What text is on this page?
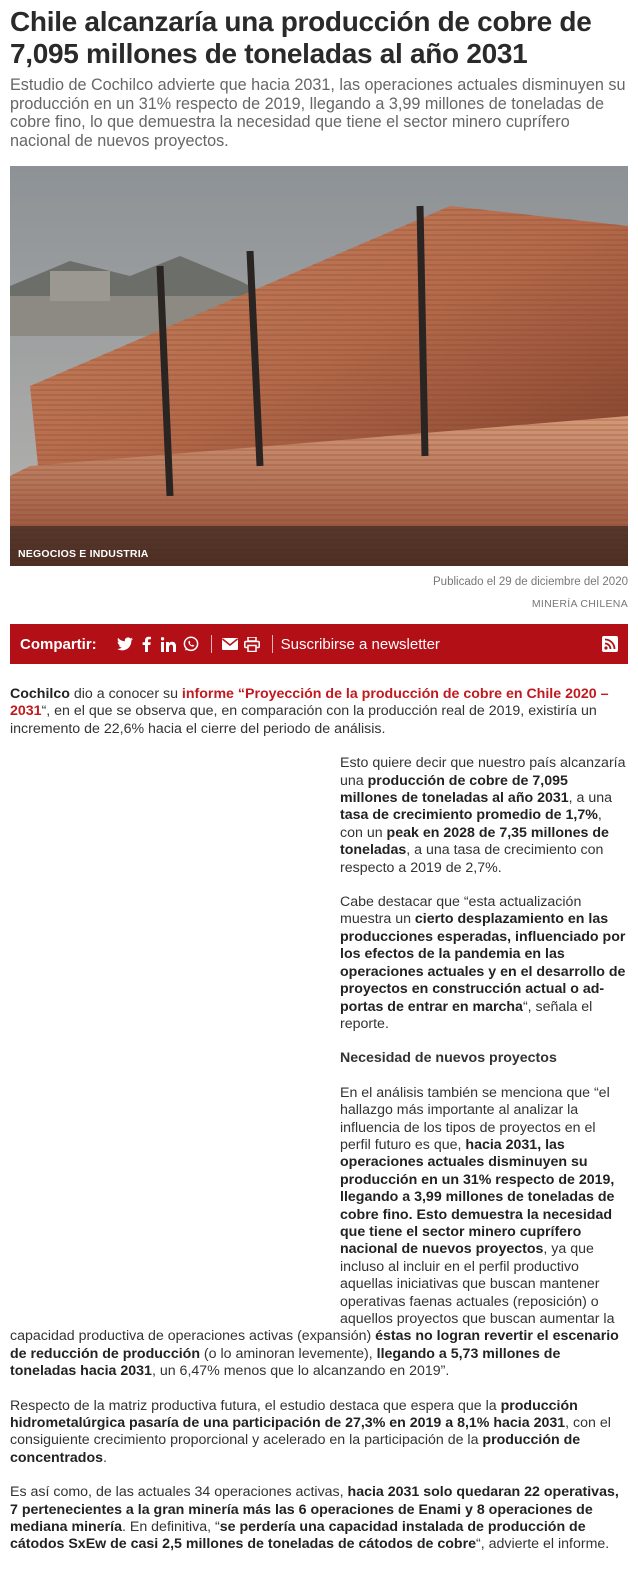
Chile alcanzaría una producción de cobre de 7,095 millones de toneladas al año 2031

Estudio de Cochilco advierte que hacia 2031, las operaciones actuales disminuyen su producción en un 31% respecto de 2019, llegando a 3,99 millones de toneladas de cobre fino, lo que demuestra la necesidad que tiene el sector minero cuprífero nacional de nuevos proyectos.

NEGOCIOS E INDUSTRIA
Publicado el 29 de diciembre del 2020
MINERÍA CHILENA
Compartir:	Suscribirse a newsletter

Cochilco dio a conocer su informe “Proyección de la producción de cobre en Chile 2020 – 2031“, en el que se observa que, en comparación con la producción real de 2019, existiría un incremento de 22,6% hacia el cierre del periodo de análisis.

Esto quiere decir que nuestro país alcanzaría una producción de cobre de 7,095 millones de toneladas al año 2031, a una tasa de crecimiento promedio de 1,7%, con un peak en 2028 de 7,35 millones de toneladas, a una tasa de crecimiento con respecto a 2019 de 2,7%.

Cabe destacar que “esta actualización muestra un cierto desplazamiento en las producciones esperadas, influenciado por los efectos de la pandemia en las operaciones actuales y en el desarrollo de proyectos en construcción actual o ad-portas de entrar en marcha“, señala el reporte.

Necesidad de nuevos proyectos

En el análisis también se menciona que “el hallazgo más importante al analizar la influencia de los tipos de proyectos en el perfil futuro es que, hacia 2031, las operaciones actuales disminuyen su producción en un 31% respecto de 2019, llegando a 3,99 millones de toneladas de cobre fino. Esto demuestra la necesidad que tiene el sector minero cuprífero nacional de nuevos proyectos, ya que incluso al incluir en el perfil productivo aquellas iniciativas que buscan mantener operativas faenas actuales (reposición) o aquellos proyectos que buscan aumentar la capacidad productiva de operaciones activas (expansión) éstas no logran revertir el escenario de reducción de producción (o lo aminoran levemente), llegando a 5,73 millones de toneladas hacia 2031, un 6,47% menos que lo alcanzando en 2019”.

Respecto de la matriz productiva futura, el estudio destaca que espera que la producción hidrometalúrgica pasaría de una participación de 27,3% en 2019 a 8,1% hacia 2031, con el consiguiente crecimiento proporcional y acelerado en la participación de la producción de concentrados.

Es así como, de las actuales 34 operaciones activas, hacia 2031 solo quedaran 22 operativas, 7 pertenecientes a la gran minería más las 6 operaciones de Enami y 8 operaciones de mediana minería. En definitiva, “se perdería una capacidad instalada de producción de cátodos SxEw de casi 2,5 millones de toneladas de cátodos de cobre“, advierte el informe.
